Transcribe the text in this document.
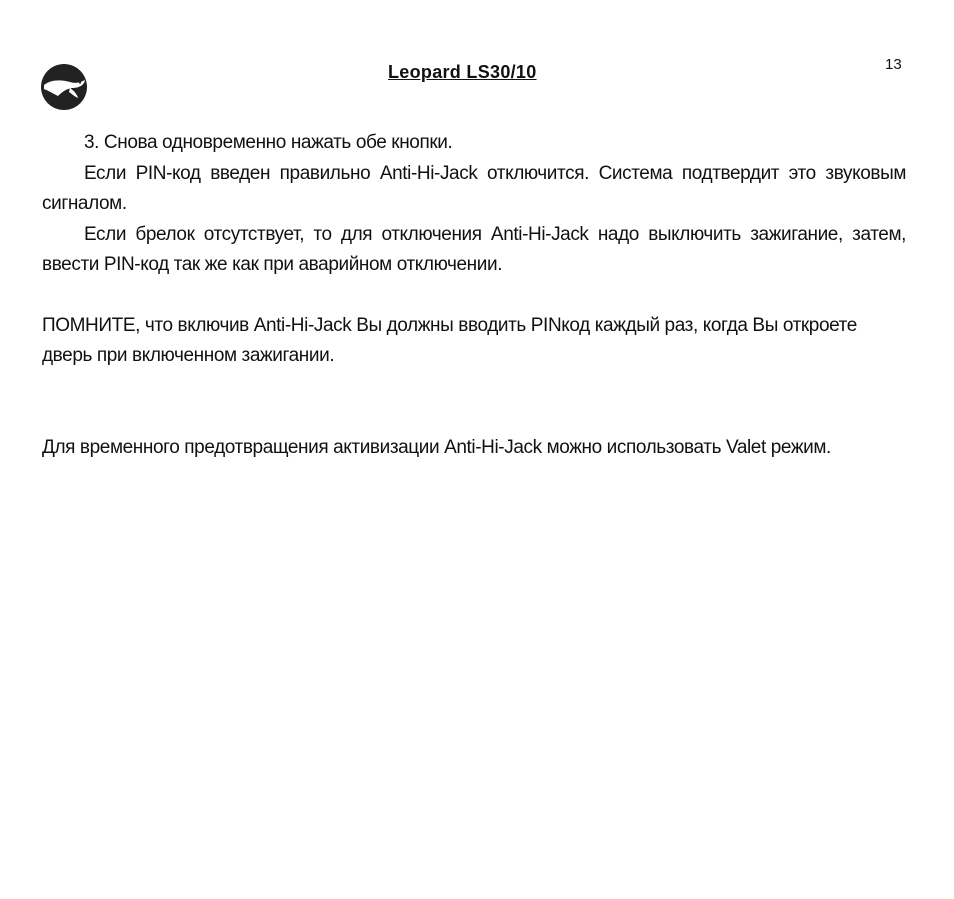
Leopard LS30/10	13

3. Снова одновременно нажать обе кнопки.

Если PIN-код введен правильно Anti-Hi-Jack отключится. Система подтвердит это звуковым сигналом.

Если брелок отсутствует, то для отключения Anti-Hi-Jack надо выключить зажигание, затем, ввести PIN-код так же как при аварийном отключении.

ПОМНИТЕ, что включив Anti-Hi-Jack Вы должны вводить PINкод каждый раз, когда Вы откроете дверь при включенном зажигании.

Для временного предотвращения активизации Anti-Hi-Jack можно использовать Valet режим.
